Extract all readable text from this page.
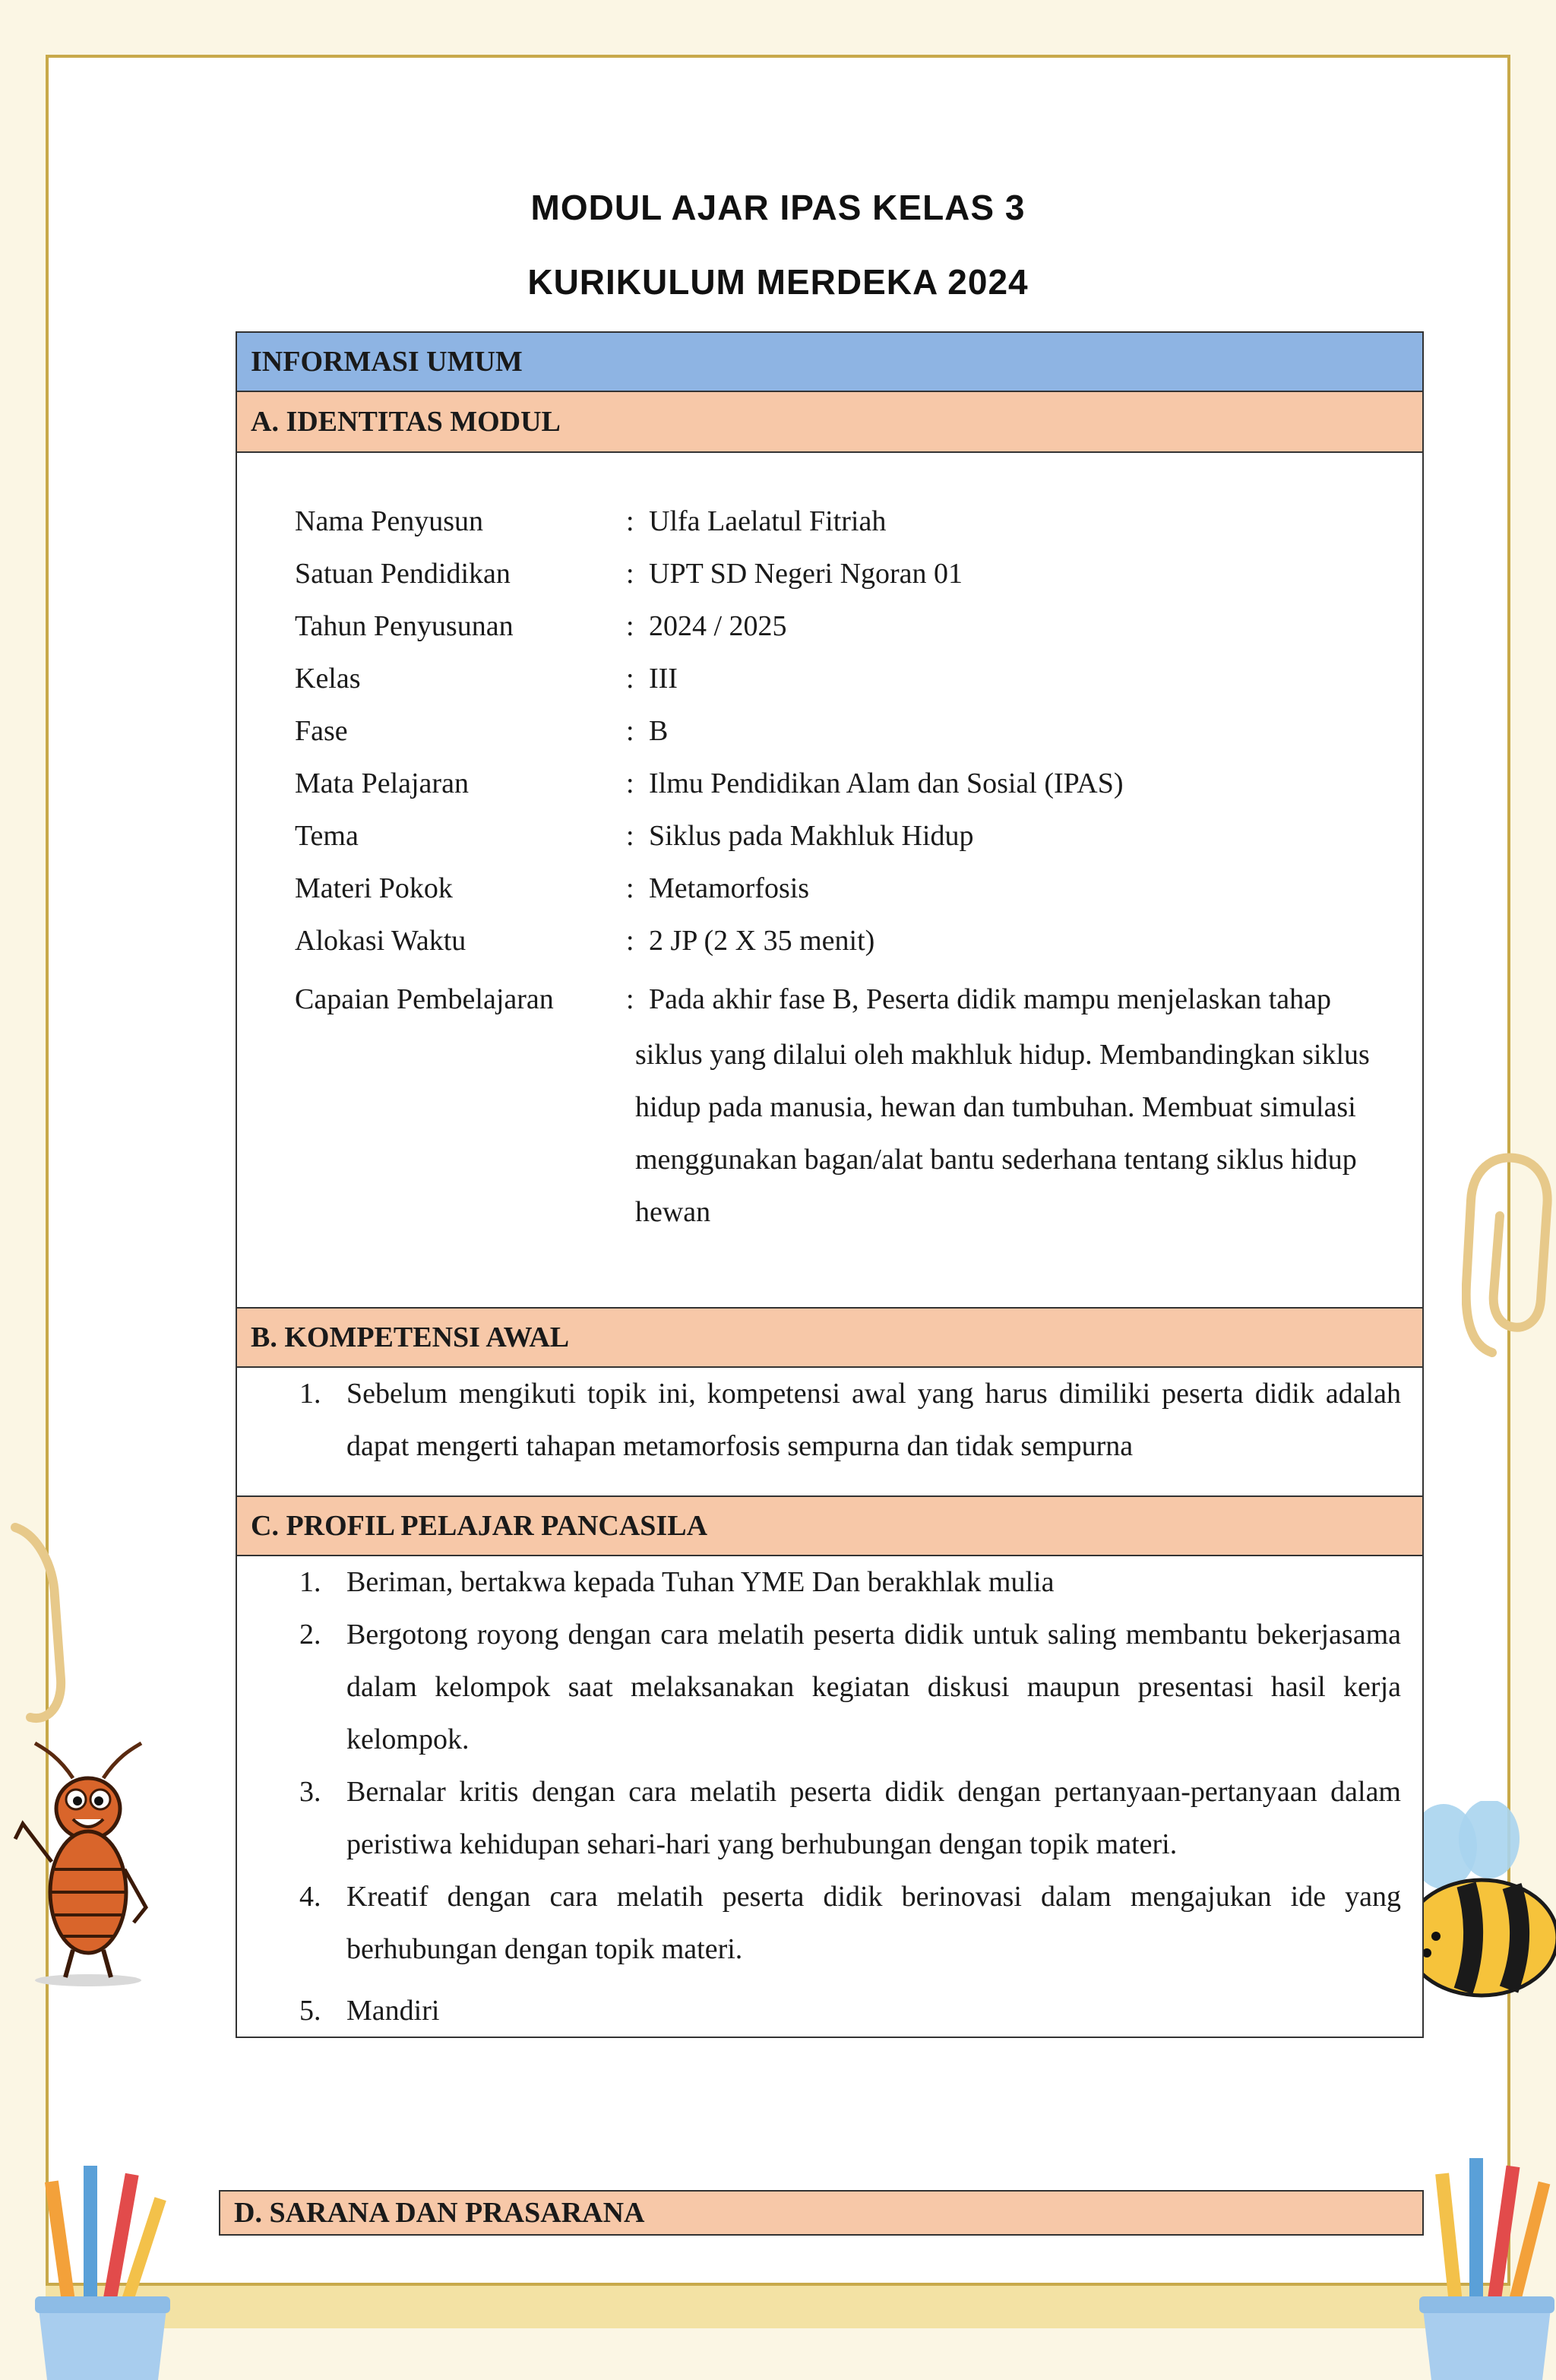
MODUL AJAR IPAS KELAS 3
KURIKULUM MERDEKA 2024
INFORMASI UMUM
A. IDENTITAS MODUL
Nama Penyusun	: Ulfa Laelatul Fitriah
Satuan Pendidikan	: UPT SD Negeri Ngoran 01
Tahun Penyusunan	: 2024 / 2025
Kelas	: III
Fase	: B
Mata Pelajaran	: Ilmu Pendidikan Alam dan Sosial (IPAS)
Tema	: Siklus pada Makhluk Hidup
Materi Pokok	: Metamorfosis
Alokasi Waktu	: 2 JP (2 X 35 menit)
Capaian Pembelajaran	: Pada akhir fase B, Peserta didik mampu menjelaskan tahap
siklus yang dilalui oleh makhluk hidup. Membandingkan siklus hidup pada manusia, hewan dan tumbuhan. Membuat simulasi menggunakan bagan/alat bantu sederhana tentang siklus hidup hewan
B. KOMPETENSI AWAL
1. Sebelum mengikuti topik ini, kompetensi awal yang harus dimiliki peserta didik adalah dapat mengerti tahapan metamorfosis sempurna dan tidak sempurna
C. PROFIL PELAJAR PANCASILA
1. Beriman, bertakwa kepada Tuhan YME Dan berakhlak mulia
2. Bergotong royong dengan cara melatih peserta didik untuk saling membantu bekerjasama dalam kelompok saat melaksanakan kegiatan diskusi maupun presentasi hasil kerja kelompok.
3. Bernalar kritis dengan cara melatih peserta didik dengan pertanyaan-pertanyaan dalam peristiwa kehidupan sehari-hari yang berhubungan dengan topik materi.
4. Kreatif dengan cara melatih peserta didik berinovasi dalam mengajukan ide yang berhubungan dengan topik materi.
5. Mandiri
D. SARANA DAN PRASARANA
